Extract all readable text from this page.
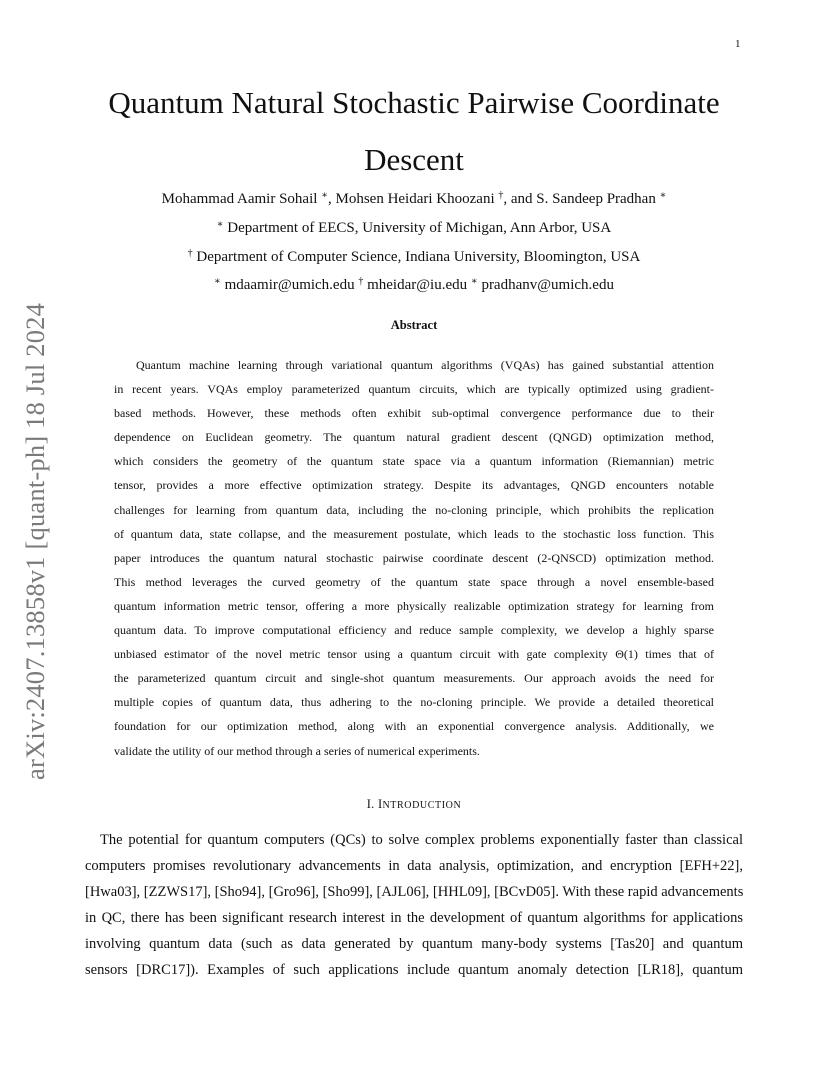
1
arXiv:2407.13858v1 [quant-ph] 18 Jul 2024
Quantum Natural Stochastic Pairwise Coordinate
Descent
Mohammad Aamir Sohail ∗, Mohsen Heidari Khoozani †, and S. Sandeep Pradhan ∗
∗ Department of EECS, University of Michigan, Ann Arbor, USA
† Department of Computer Science, Indiana University, Bloomington, USA
∗ mdaamir@umich.edu † mheidar@iu.edu ∗ pradhanv@umich.edu
Abstract
Quantum machine learning through variational quantum algorithms (VQAs) has gained substantial attention
in recent years. VQAs employ parameterized quantum circuits, which are typically optimized using gradient-
based methods. However, these methods often exhibit sub-optimal convergence performance due to their
dependence on Euclidean geometry. The quantum natural gradient descent (QNGD) optimization method,
which considers the geometry of the quantum state space via a quantum information (Riemannian) metric
tensor, provides a more effective optimization strategy. Despite its advantages, QNGD encounters notable
challenges for learning from quantum data, including the no-cloning principle, which prohibits the replication
of quantum data, state collapse, and the measurement postulate, which leads to the stochastic loss function. This
paper introduces the quantum natural stochastic pairwise coordinate descent (2-QNSCD) optimization method.
This method leverages the curved geometry of the quantum state space through a novel ensemble-based
quantum information metric tensor, offering a more physically realizable optimization strategy for learning from
quantum data. To improve computational efficiency and reduce sample complexity, we develop a highly sparse
unbiased estimator of the novel metric tensor using a quantum circuit with gate complexity Θ(1) times that of
the parameterized quantum circuit and single-shot quantum measurements. Our approach avoids the need for
multiple copies of quantum data, thus adhering to the no-cloning principle. We provide a detailed theoretical
foundation for our optimization method, along with an exponential convergence analysis. Additionally, we
validate the utility of our method through a series of numerical experiments.
I. INTRODUCTION
The potential for quantum computers (QCs) to solve complex problems exponentially faster than classical
computers promises revolutionary advancements in data analysis, optimization, and encryption [EFH+22],
[Hwa03], [ZZWS17], [Sho94], [Gro96], [Sho99], [AJL06], [HHL09], [BCvD05]. With these rapid advancements
in QC, there has been significant research interest in the development of quantum algorithms for applications
involving quantum data (such as data generated by quantum many-body systems [Tas20] and quantum
sensors [DRC17]). Examples of such applications include quantum anomaly detection [LR18], quantum
